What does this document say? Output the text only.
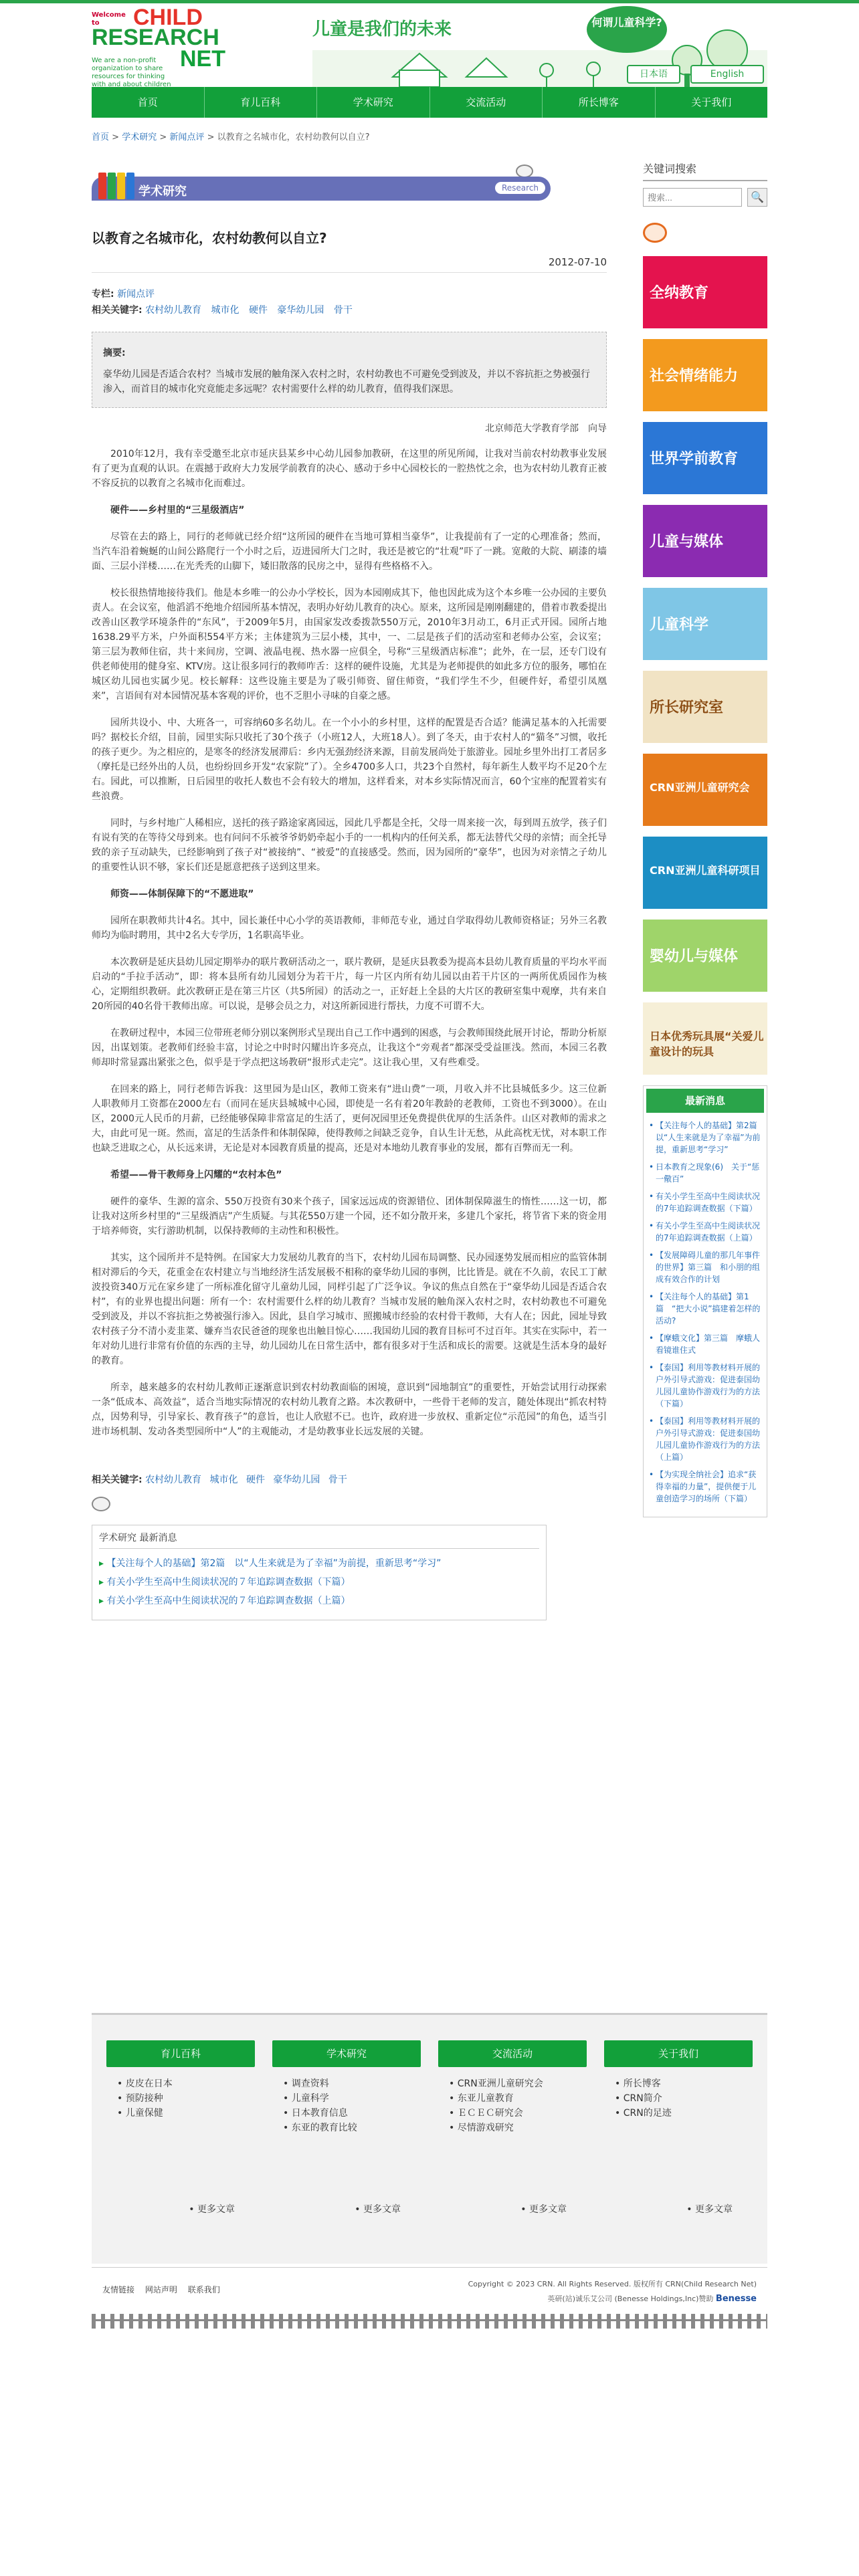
Welcome to	CHILD
RESEARCH
NET
We are a non-profit organization to share resources for thinking with and about children
儿童是我们的未来	何谓儿童科学?
日本语	English
首页	育儿百科	学术研究	交流活动	所长博客	关于我们
首页 > 学术研究 > 新闻点评 > 以教育之名城市化，农村幼教何以自立?
学术研究	Research
以教育之名城市化，农村幼教何以自立?
2012-07-10
专栏: 新闻点评
相关关键字: 农村幼儿教育 城市化 硬件 豪华幼儿园 骨干
摘要:
豪华幼儿园是否适合农村？当城市发展的触角深入农村之时，农村幼教也不可避免受到波及，并以不容抗拒之势被强行渗入，而首目的城市化究竟能走多远呢？农村需要什么样的幼儿教育，值得我们深思。
北京师范大学教育学部　向导

2010年12月，我有幸受邀至北京市延庆县某乡中心幼儿园参加教研，在这里的所见所闻，让我对当前农村幼教事业发展有了更为直观的认识。在震撼于政府大力发展学前教育的决心、感动于乡中心园校长的一腔热忱之余，也为农村幼儿教育正被不容反抗的以教育之名城市化而难过。

硬件——乡村里的“三星级酒店”

尽管在去的路上，同行的老师就已经介绍“这所园的硬件在当地可算相当豪华”，让我提前有了一定的心理准备；然而，当汽车沿着蜿蜒的山间公路爬行一个小时之后，迈进园所大门之时，我还是被它的“壮观”吓了一跳。宽敞的大院、刷漆的墙面、三层小洋楼……在光秃秃的山脚下，矮旧散落的民房之中，显得有些格格不入。

校长很热情地接待我们。他是本乡唯一的公办小学校长，因为本园刚成其下，他也因此成为这个本乡唯一公办园的主要负责人。在会议室，他滔滔不绝地介绍园所基本情况，表明办好幼儿教育的决心。原来，这所园是刚刚翻建的，借着市教委提出改善山区教学环境条件的“东风”，于2009年5月，由国家发改委拨款550万元，2010年3月动工，6月正式开园。园所占地1638.29平方米，户外面积554平方米；主体建筑为三层小楼，其中，一、二层是孩子们的活动室和老师办公室，会议室；第三层为教师住宿，共十来间房，空调、液晶电视、热水器一应俱全，号称“三星级酒店标准”；此外，在一层，还专门设有供老师使用的健身室、KTV房。这让很多同行的教师咋舌：这样的硬件设施，尤其是为老师提供的如此多方位的服务，哪怕在城区幼儿园也实属少见。校长解释：这些设施主要是为了吸引师资、留住师资，“我们学生不少，但硬件好，希望引凤凰来”，言语间有对本园情况基本客观的评价，也不乏胆小寻味的自豪之感。

园所共设小、中、大班各一，可容纳60多名幼儿。在一个小小的乡村里，这样的配置是否合适？能满足基本的入托需要吗？据校长介绍，目前，园里实际只收托了30个孩子（小班12人，大班18人）。到了冬天，由于农村人的“猫冬”习惯，收托的孩子更少。为之相应的，是寒冬的经济发展滞后：乡内无强劲经济来源，目前发展尚处于旅游业。园址乡里外出打工者居多（摩托是已经外出的人员，也纷纷回乡开发“农家院”了）。全乡4700多人口，共23个自然村，每年新生人数平均不足20个左右。园此，可以推断，日后园里的收托人数也不会有较大的增加，这样看来，对本乡实际情况而言，60个宝座的配置着实有些浪费。

同时，与乡村地广人稀相应，送托的孩子路途家离园远，园此几乎都是全托，父母一周来接一次，每到周五放学，孩子们有说有笑的在等待父母到来。也有问问不乐被爷爷奶奶牵起小手的一一机构内的任何关系，都无法替代父母的亲情；而全托导致的亲子互动缺失，已经影响到了孩子对“被接纳”、“被爱”的直接感受。然而，因为园所的“豪华”，也因为对亲情之子幼儿的重要性认识不够，家长们还是愿意把孩子送到这里来。

师资——体制保障下的“不愿进取”

园所在职教师共计4名。其中，园长兼任中心小学的英语教师，非师范专业，通过自学取得幼儿教师资格证；另外三名教师均为临时聘用，其中2名大专学历，1名职高毕业。

本次教研是延庆县幼儿园定期举办的联片教研活动之一，联片教研，是延庆县教委为提高本县幼儿教育质量的平均水平而启动的“手拉手活动”，即：将本县所有幼儿园划分为若干片，每一片区内所有幼儿园以由若干片区的一两所优质园作为核心，定期组织教研。此次教研正是在第三片区（共5所园）的活动之一，正好赶上全县的大片区的教研室集中观摩，共有来自20所园的40名骨干教师出席。可以说，是够会员之力，对这所新园进行帮扶，力度不可谓不大。

在教研过程中，本园三位带班老师分别以案例形式呈现出自己工作中遇到的困惑，与会教师围绕此展开讨论，帮助分析原因，出谋划策。老教师们经验丰富，讨论之中时时闪耀出许多亮点，让我这个“旁观者”都深受受益匪浅。然而，本园三名教师却时常显露出紧张之色，似乎是于学点把这场教研“报形式走完”。这让我心里，又有些难受。

在回来的路上，同行老师告诉我：这里园为是山区，教师工资来有“进山费”一项，月收入并不比县城低多少。这三位新人职教师月工资都在2000左右（而同在延庆县城城中心园，即使是一名有着20年教龄的老教师，工资也不到3000）。在山区，2000元人民币的月薪，已经能够保障非常富足的生活了，更何况园里还免费提供优厚的生活条件。山区对教师的需求之大，由此可见一斑。然而，富足的生活条件和体制保障，使得教师之间缺乏竞争，自认生计无愁，从此高枕无忧，对本职工作也缺乏进取之心，从长远来讲，无论是对本园教育质量的提高，还是对本地幼儿教育事业的发展，都有百弊而无一利。

希望——骨干教师身上闪耀的“农村本色”

硬件的豪华、生源的富余、550万投资有30来个孩子，国家远远成的资源错位、团体制保障滋生的惰性……这一切，都让我对这所乡村里的“三星级酒店”产生质疑。与其花550万建一个园，还不如分散开来，多建几个家托，将节省下来的资金用于培养师资，实行游助机制，以保持教师的主动性和积极性。

其实，这个园所并不是特例。在国家大力发展幼儿教育的当下，农村幼儿园布局调整、民办园逐势发展而相应的监管体制相对滞后的今天，花重金在农村建立与当地经济生活发展极不相称的豪华幼儿园的事例，比比皆是。就在不久前，农民工丁献波投资340万元在家乡建了一所标准化留守儿童幼儿园，同样引起了广泛争议。争议的焦点自然在于“豪华幼儿园是否适合农村”，有的业界也提出问题：所有一个：农村需要什么样的幼儿教育？当城市发展的触角深入农村之时，农村幼教也不可避免受到波及，并以不容抗拒之势被强行渗入。因此，县自学习城市、照搬城市经验的农村骨干教师，大有人在；因此，园址导致农村孩子分不清小麦韭菜、嫌弃当农民爸爸的现象也出触目惊心……我国幼儿园的教育目标可不过百年。其实在实际中，若一年对幼儿进行非常有价值的东西的主导，幼儿园幼儿在日常生活中，都有很多对于生活和成长的需要。这就是生活本身的最好的教育。

所幸，越来越多的农村幼儿教师正逐渐意识到农村幼教面临的困境，意识到“园地制宜”的重要性，开始尝试用行动探索一条“低成本、高效益”，适合当地实际情况的农村幼儿教育之路。本次教研中，一些骨干老师的发言，随处体现出“抓农村特点，因势利导，引导家长、教育孩子”的意旨，也让人欣慰不已。也许，政府进一步放权、重新定位“示范园”的角色，适当引进市场机制、发动各类型园所中“人”的主观能动，才是幼教事业长远发展的关键。

相关关键字: 农村幼儿教育 城市化 硬件 豪华幼儿园 骨干
学术研究 最新消息
▸ 【关注每个人的基础】第2篇　以“人生来就是为了幸福”为前提，重新思考“学习”
▸ 有关小学生至高中生阅读状况的７年追踪调查数据（下篇）
▸ 有关小学生至高中生阅读状况的７年追踪调查数据（上篇）
关键词搜索
搜索...
🔍
全纳教育
社会情绪能力
世界学前教育
儿童与媒体
儿童科学
所长研究室
CRN亚洲儿童研究会
CRN亚洲儿童科研项目
婴幼儿与媒体
日本优秀玩具展“关爱儿童设计的玩具
最新消息
• 【关注每个人的基础】第2篇　以“人生来就是为了幸福”为前提，重新思考“学习”
• 日本教育之现象(6)　关于“惩一儆百”
• 有关小学生至高中生阅读状况的7年追踪调查数据（下篇）
• 有关小学生至高中生阅读状况的7年追踪调查数据（上篇）
• 【发展障碍儿童的那几年事件的世界】第三篇　和小朋的组成有效合作的计划
• 【关注每个人的基础】第1篇　“把大小说”搞建着怎样的活动?
• 【摩蛾文化】第三篇　摩蛾人看镜谁住式
• 【泰国】利用等教材料开展的户外引导式游戏：促进泰国幼儿园儿童协作游戏行为的方法（下篇）
• 【泰国】利用等教材料开展的户外引导式游戏：促进泰国幼儿园儿童协作游戏行为的方法（上篇）
• 【为实现全纳社会】追求“获得幸福的力量”，提供便于儿童创造学习的场所（下篇）
育儿百科
• 皮皮在日本
• 预防接种
• 儿童保健
学术研究
• 调查资料
• 儿童科学
• 日本教育信息
• 东亚的教育比较
交流活动
• CRN亚洲儿童研究会
• 东亚儿童教育
• ＥＣＥＣ研究会
• 尽情游戏研究
关于我们
• 所长博客
• CRN简介
• CRN的足迹
• 更多文章	• 更多文章	• 更多文章	• 更多文章
友情链接 网站声明 联系我们
Copyright © 2023 CRN. All Rights Reserved. 版权所有 CRN(Child Research Net)
英研(站)诚乐艾公司 (Benesse Holdings,Inc)赞助 Benesse
